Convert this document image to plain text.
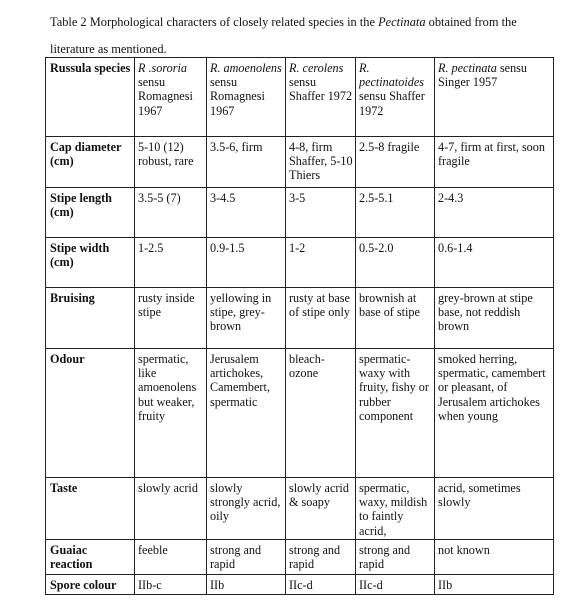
Table 2 Morphological characters of closely related species in the Pectinata obtained from the literature as mentioned.
Russula species	R .sororia sensu Romagnesi 1967	R. amoenolens sensu Romagnesi 1967	R. cerolens sensu Shaffer 1972	R. pectinatoides sensu Shaffer 1972	R. pectinata sensu Singer 1957
Cap diameter (cm)	5-10 (12) robust, rare	3.5-6, firm	4-8, firm Shaffer, 5-10 Thiers	2.5-8 fragile	4-7, firm at first, soon fragile
Stipe length (cm)	3.5-5 (7)	3-4.5	3-5	2.5-5.1	2-4.3
Stipe width (cm)	1-2.5	0.9-1.5	1-2	0.5-2.0	0.6-1.4
Bruising	rusty inside stipe	yellowing in stipe, grey-brown	rusty at base of stipe only	brownish at base of stipe	grey-brown at stipe base, not reddish brown
Odour	spermatic, like amoenolens but weaker, fruity	Jerusalem artichokes, Camembert, spermatic	bleach-ozone	spermatic-waxy with fruity, fishy or rubber component	smoked herring, spermatic, camembert or pleasant, of Jerusalem artichokes when young
Taste	slowly acrid	slowly strongly acrid, oily	slowly acrid & soapy	spermatic, waxy, mildish to faintly acrid,	acrid, sometimes slowly
Guaiac reaction	feeble	strong and rapid	strong and rapid	strong and rapid	not known
Spore colour	IIb-c	IIb	IIc-d	IIc-d	IIb
